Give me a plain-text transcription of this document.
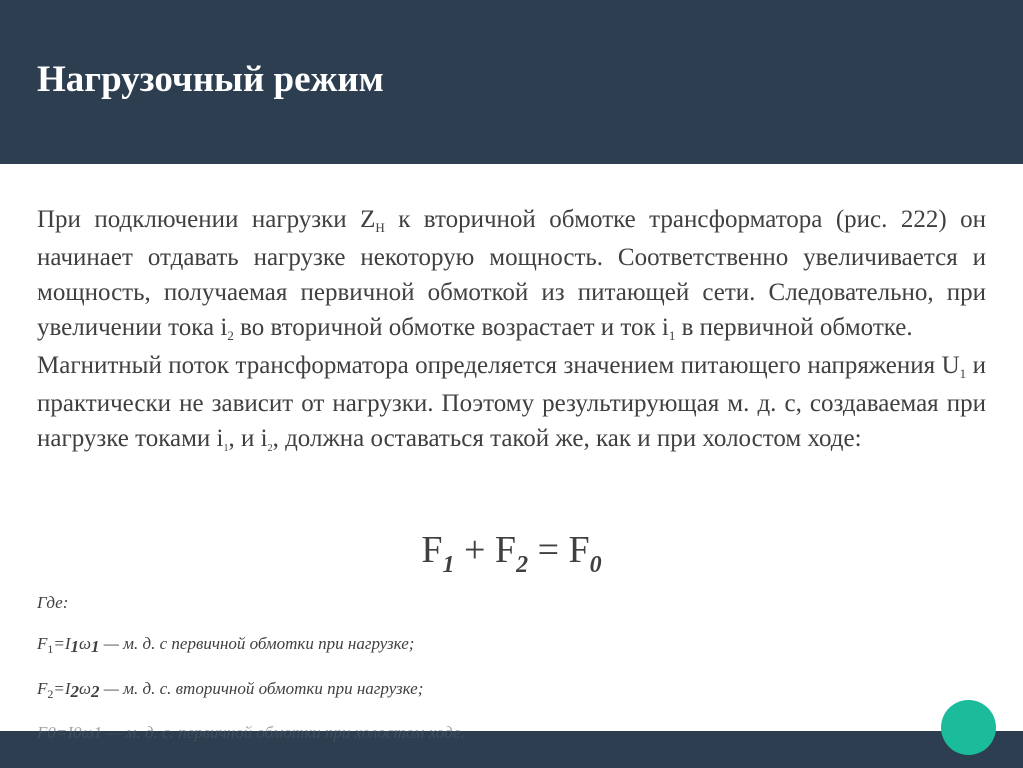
Нагрузочный режим

При подключении нагрузки $Z_H$ к вторичной обмотке трансформатора (рис. 222) он начинает отдавать нагрузке некоторую мощность. Соответственно увеличивается и мощность, получаемая первичной обмоткой из питающей сети. Следовательно, при увеличении тока $i_2$ во вторичной обмотке возрастает и ток $i_1$ в первичной обмотке.

Магнитный поток трансформатора определяется значением питающего напряжения $U_1$ и практически не зависит от нагрузки. Поэтому результирующая м. д. с, создаваемая при нагрузке токами $i_1$, и $i_2$, должна оставаться такой же, как и при холостом ходе:

$F_1 + F_2 = F_0$
Где:
$F_1=I1\omega 1$ — м. д. с первичной обмотки при нагрузке;
$F_2=I2\omega 2$ — м. д. с. вторичной обмотки при нагрузке;
F0=I0ω1 — м. д. с. первичной обмотки при холостом ходе.
